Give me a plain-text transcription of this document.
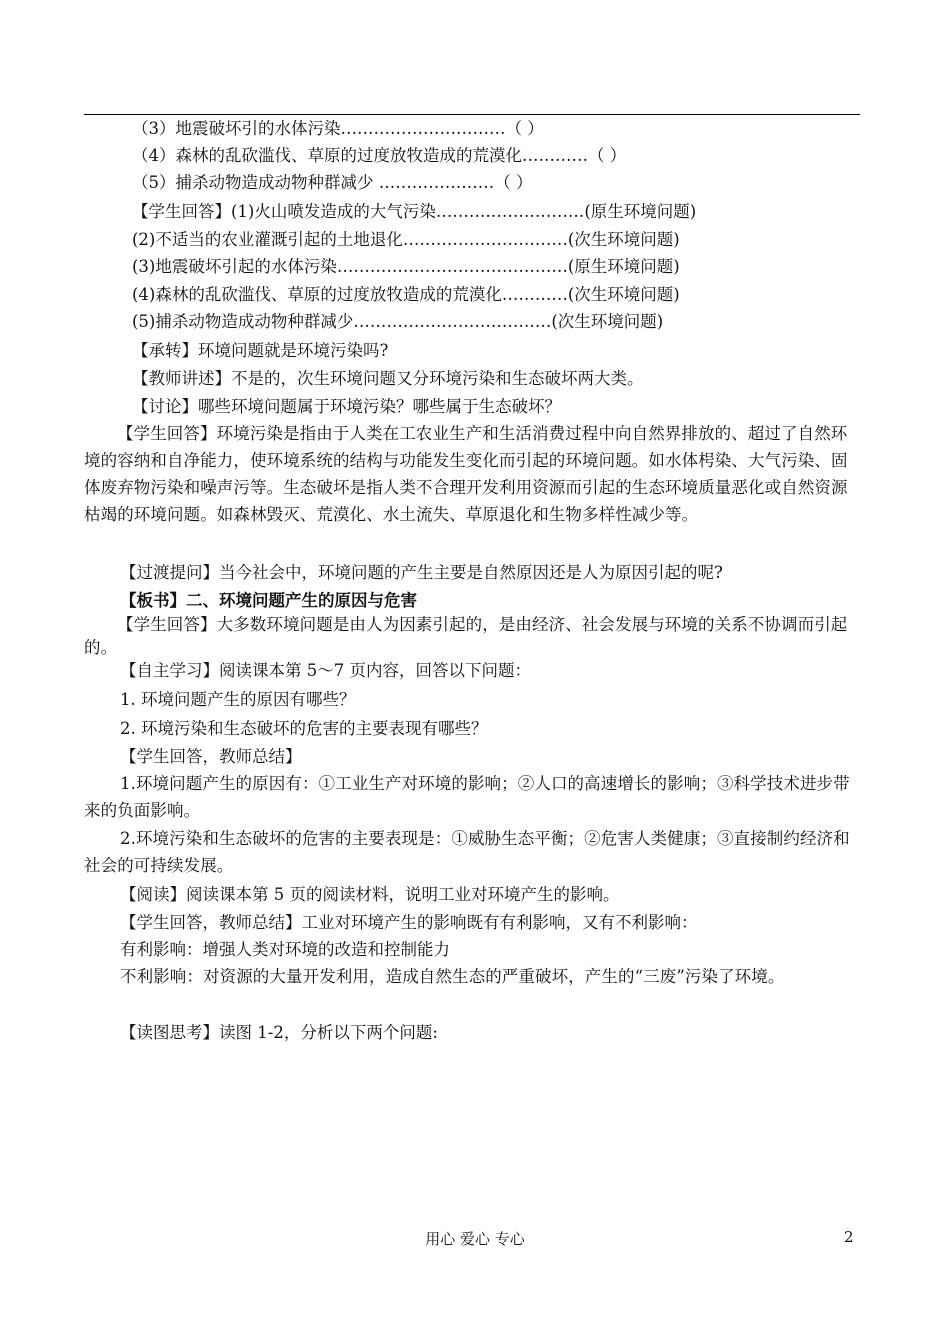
（3）地震破坏引的水体污染…………………………（ ）
（4）森林的乱砍滥伐、草原的过度放牧造成的荒漠化…………（ ）
（5）捕杀动物造成动物种群减少 …………………（ ）
【学生回答】(1)火山喷发造成的大气污染………………………(原生环境问题)
(2)不适当的农业灌溉引起的土地退化…………………………(次生环境问题)
(3)地震破坏引起的水体污染……………………………………(原生环境问题)
(4)森林的乱砍滥伐、草原的过度放牧造成的荒漠化…………(次生环境问题)
(5)捕杀动物造成动物种群减少………………………………(次生环境问题)
【承转】环境问题就是环境污染吗?
【教师讲述】不是的，次生环境问题又分环境污染和生态破坏两大类。
【讨论】哪些环境问题属于环境污染？哪些属于生态破坏？
【学生回答】环境污染是指由于人类在工农业生产和生活消费过程中向自然界排放的、超过了自然环境的容纳和自净能力，使环境系统的结构与功能发生变化而引起的环境问题。如水体枵染、大气污染、固体废弃物污染和噪声污等。生态破坏是指人类不合理开发利用资源而引起的生态环境质量恶化或自然资源枯竭的环境问题。如森林毁灭、荒漠化、水土流失、草原退化和生物多样性减少等。
【过渡提问】当今社会中，环境问题的产生主要是自然原因还是人为原因引起的呢?
【板书】二、环境问题产生的原因与危害
【学生回答】大多数环境问题是由人为因素引起的，是由经济、社会发展与环境的关系不协调而引起的。
【自主学习】阅读课本第 5～7 页内容，回答以下问题：
1. 环境问题产生的原因有哪些？
2. 环境污染和生态破坏的危害的主要表现有哪些？
【学生回答，教师总结】
1.环境问题产生的原因有：①工业生产对环境的影响；②人口的高速增长的影响；③科学技术进步带来的负面影响。
2.环境污染和生态破坏的危害的主要表现是：①威胁生态平衡；②危害人类健康；③直接制约经济和社会的可持续发展。
【阅读】阅读课本第 5 页的阅读材料，说明工业对环境产生的影响。
【学生回答，教师总结】工业对环境产生的影响既有有利影响，又有不利影响：
有利影响：增强人类对环境的改造和控制能力
不利影响：对资源的大量开发利用，造成自然生态的严重破坏，产生的“三废”污染了环境。
【读图思考】读图 1-2，分析以下两个问题:
用心 爱心 专心	2
